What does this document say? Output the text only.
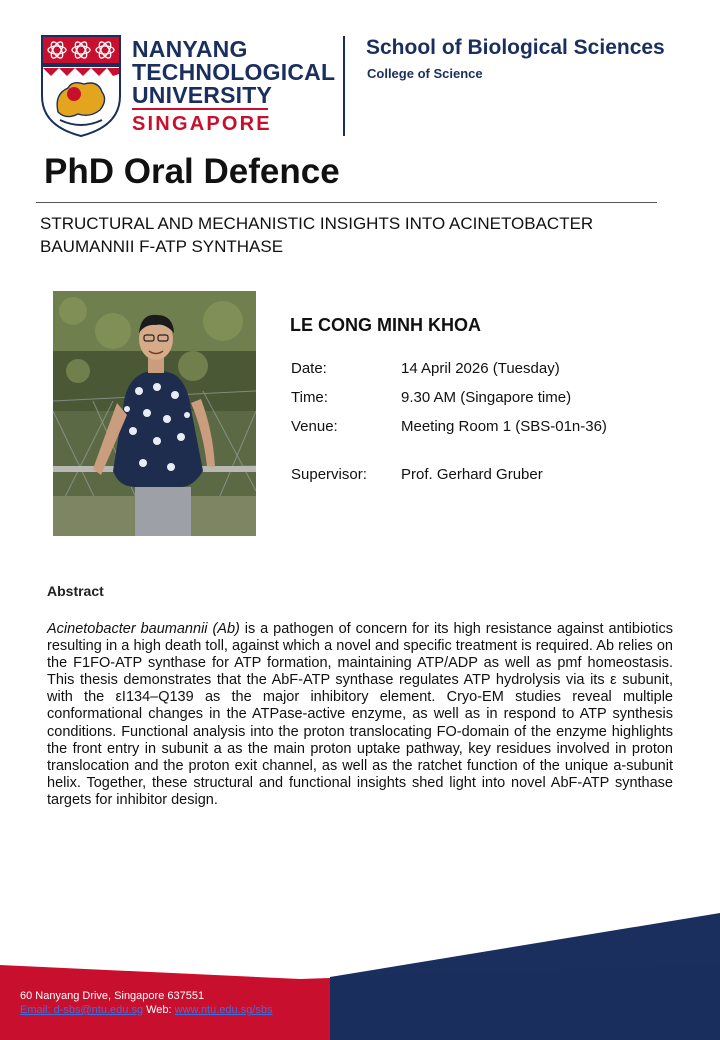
NANYANG
TECHNOLOGICAL
UNIVERSITY
SINGAPORE
School of Biological Sciences
College of Science
PhD Oral Defence
STRUCTURAL AND MECHANISTIC INSIGHTS INTO ACINETOBACTER BAUMANNII F-ATP SYNTHASE
LE CONG MINH KHOA
Date:	14 April 2026 (Tuesday)
Time:	9.30 AM (Singapore time)
Venue:	Meeting Room 1 (SBS-01n-36)
Supervisor: Prof. Gerhard Gruber
Abstract
Acinetobacter baumannii (Ab) is a pathogen of concern for its high resistance against antibiotics resulting in a high death toll, against which a novel and specific treatment is required. Ab relies on the F1FO-ATP synthase for ATP formation, maintaining ATP/ADP as well as pmf homeostasis. This thesis demonstrates that the AbF-ATP synthase regulates ATP hydrolysis via its ε subunit, with the εI134–Q139 as the major inhibitory element. Cryo-EM studies reveal multiple conformational changes in the ATPase-active enzyme, as well as in respond to ATP synthesis conditions. Functional analysis into the proton translocating FO-domain of the enzyme highlights the front entry in subunit a as the main proton uptake pathway, key residues involved in proton translocation and the proton exit channel, as well as the ratchet function of the unique a-subunit helix. Together, these structural and functional insights shed light into novel AbF-ATP synthase targets for inhibitor design.
60 Nanyang Drive, Singapore 637551
Email: d-sbs@ntu.edu.sg Web: www.ntu.edu.sg/sbs
